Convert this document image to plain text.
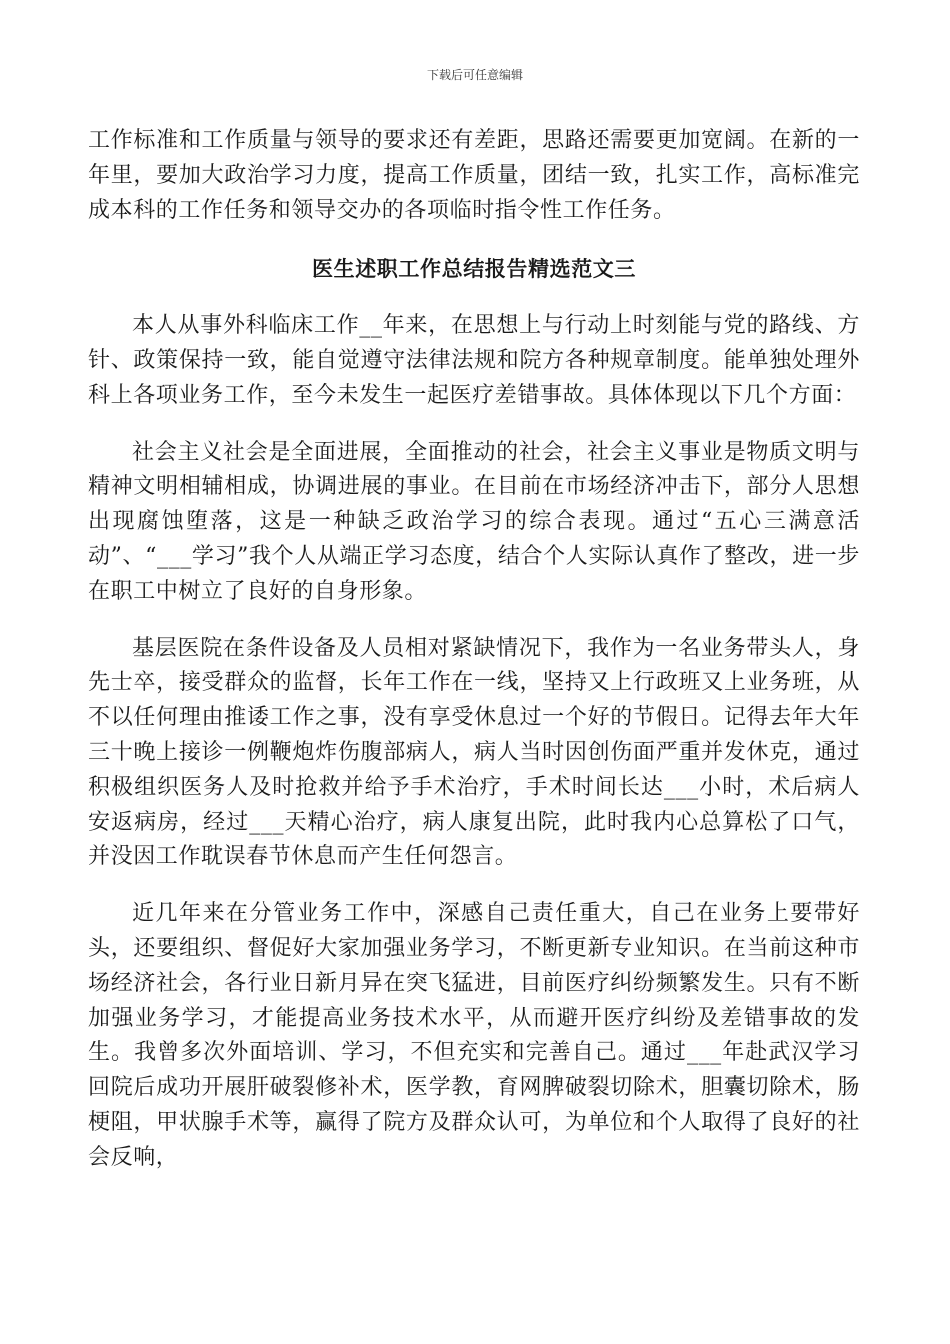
下载后可任意编辑

工作标准和工作质量与领导的要求还有差距，思路还需要更加宽阔。在新的一年里，要加大政治学习力度，提高工作质量，团结一致，扎实工作，高标准完成本科的工作任务和领导交办的各项临时指令性工作任务。

医生述职工作总结报告精选范文三

本人从事外科临床工作__年来，在思想上与行动上时刻能与党的路线、方针、政策保持一致，能自觉遵守法律法规和院方各种规章制度。能单独处理外科上各项业务工作，至今未发生一起医疗差错事故。具体体现以下几个方面：

社会主义社会是全面进展，全面推动的社会，社会主义事业是物质文明与精神文明相辅相成，协调进展的事业。在目前在市场经济冲击下，部分人思想出现腐蚀堕落，这是一种缺乏政治学习的综合表现。通过“五心三满意活动”、“___学习”我个人从端正学习态度，结合个人实际认真作了整改，进一步在职工中树立了良好的自身形象。

基层医院在条件设备及人员相对紧缺情况下，我作为一名业务带头人，身先士卒，接受群众的监督，长年工作在一线，坚持又上行政班又上业务班，从不以任何理由推诿工作之事，没有享受休息过一个好的节假日。记得去年大年三十晚上接诊一例鞭炮炸伤腹部病人，病人当时因创伤面严重并发休克，通过积极组织医务人及时抢救并给予手术治疗，手术时间长达___小时，术后病人安返病房，经过___天精心治疗，病人康复出院，此时我内心总算松了口气，并没因工作耽误春节休息而产生任何怨言。

近几年来在分管业务工作中，深感自己责任重大，自己在业务上要带好头，还要组织、督促好大家加强业务学习，不断更新专业知识。在当前这种市场经济社会，各行业日新月异在突飞猛进，目前医疗纠纷频繁发生。只有不断加强业务学习，才能提高业务技术水平，从而避开医疗纠纷及差错事故的发生。我曾多次外面培训、学习，不但充实和完善自己。通过___年赴武汉学习回院后成功开展肝破裂修补术，医学教，育网脾破裂切除术，胆囊切除术，肠梗阻，甲状腺手术等，赢得了院方及群众认可，为单位和个人取得了良好的社会反响，
